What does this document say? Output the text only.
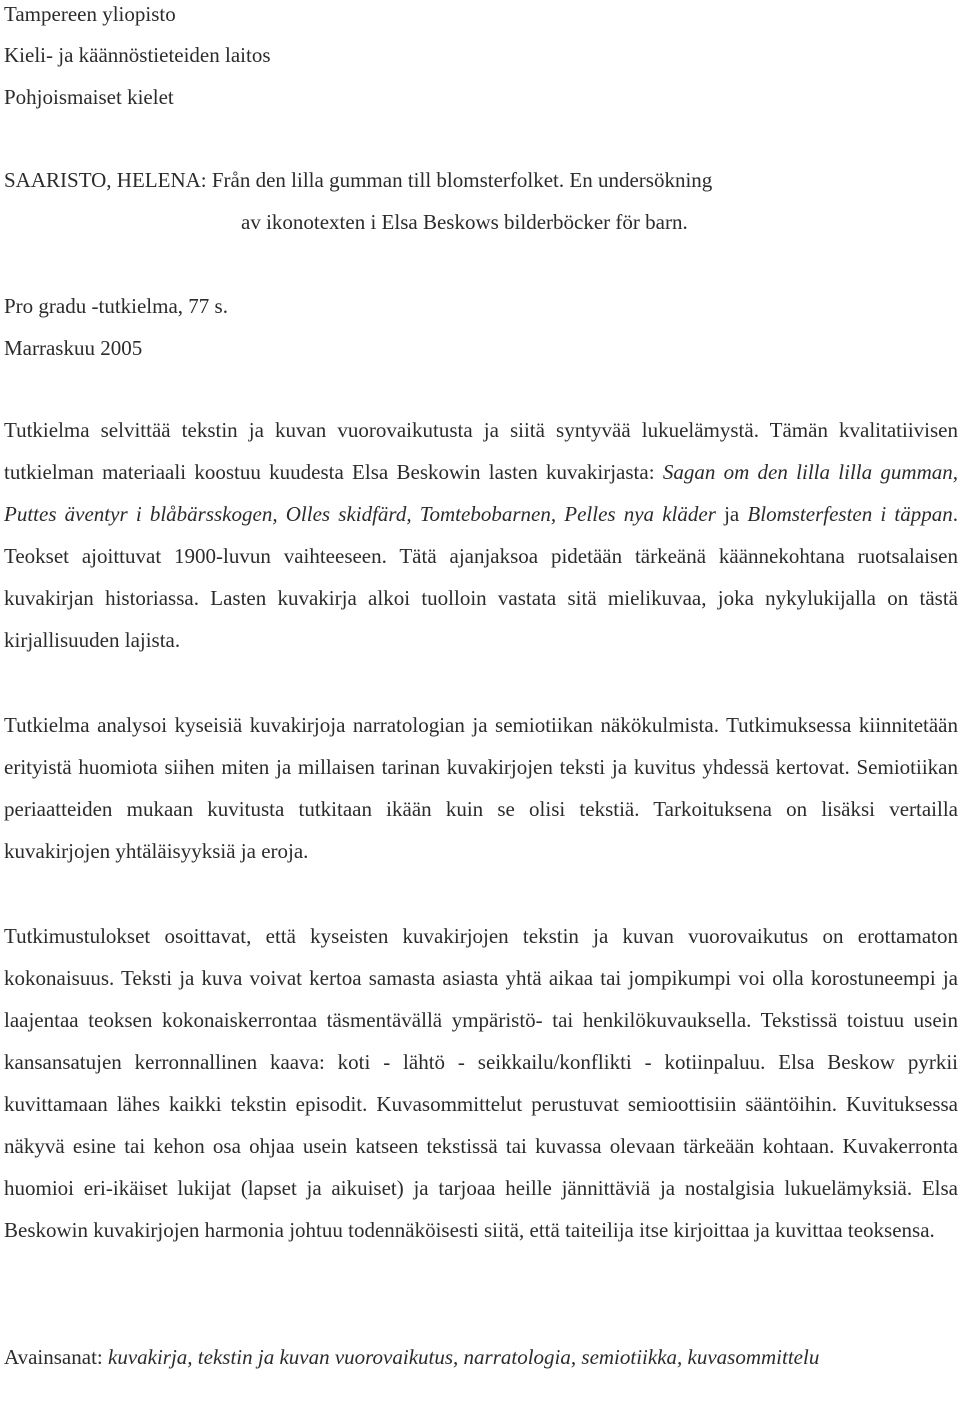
Tampereen yliopisto
Kieli- ja käännöstieteiden laitos
Pohjoismaiset kielet
SAARISTO, HELENA: Från den lilla gumman till blomsterfolket. En undersökning
av ikonotexten i Elsa Beskows bilderböcker för barn.
Pro gradu -tutkielma, 77 s.
Marraskuu 2005

Tutkielma selvittää tekstin ja kuvan vuorovaikutusta ja siitä syntyvää lukuelämystä. Tämän kvalitatiivisen tutkielman materiaali koostuu kuudesta Elsa Beskowin lasten kuvakirjasta: Sagan om den lilla lilla gumman, Puttes äventyr i blåbärsskogen, Olles skidfärd, Tomtebobarnen, Pelles nya kläder ja Blomsterfesten i täppan. Teokset ajoittuvat 1900-luvun vaihteeseen. Tätä ajanjaksoa pidetään tärkeänä käännekohtana ruotsalaisen kuvakirjan historiassa. Lasten kuvakirja alkoi tuolloin vastata sitä mielikuvaa, joka nykylukijalla on tästä kirjallisuuden lajista.

Tutkielma analysoi kyseisiä kuvakirjoja narratologian ja semiotiikan näkökulmista. Tutkimuksessa kiinnitetään erityistä huomiota siihen miten ja millaisen tarinan kuvakirjojen teksti ja kuvitus yhdessä kertovat. Semiotiikan periaatteiden mukaan kuvitusta tutkitaan ikään kuin se olisi tekstiä. Tarkoituksena on lisäksi vertailla kuvakirjojen yhtäläisyyksiä ja eroja.

Tutkimustulokset osoittavat, että kyseisten kuvakirjojen tekstin ja kuvan vuorovaikutus on erottamaton kokonaisuus. Teksti ja kuva voivat kertoa samasta asiasta yhtä aikaa tai jompikumpi voi olla korostuneempi ja laajentaa teoksen kokonaiskerrontaa täsmentävällä ympäristö- tai henkilökuvauksella. Tekstissä toistuu usein kansansatujen kerronnallinen kaava: koti - lähtö - seikkailu/konflikti - kotiinpaluu. Elsa Beskow pyrkii kuvittamaan lähes kaikki tekstin episodit. Kuvasommittelut perustuvat semioottisiin sääntöihin. Kuvituksessa näkyvä esine tai kehon osa ohjaa usein katseen tekstissä tai kuvassa olevaan tärkeään kohtaan. Kuvakerronta huomioi eri-ikäiset lukijat (lapset ja aikuiset) ja tarjoaa heille jännittäviä ja nostalgisia lukuelämyksiä. Elsa Beskowin kuvakirjojen harmonia johtuu todennäköisesti siitä, että taiteilija itse kirjoittaa ja kuvittaa teoksensa.

Avainsanat: kuvakirja, tekstin ja kuvan vuorovaikutus, narratologia, semiotiikka, kuvasommittelu
